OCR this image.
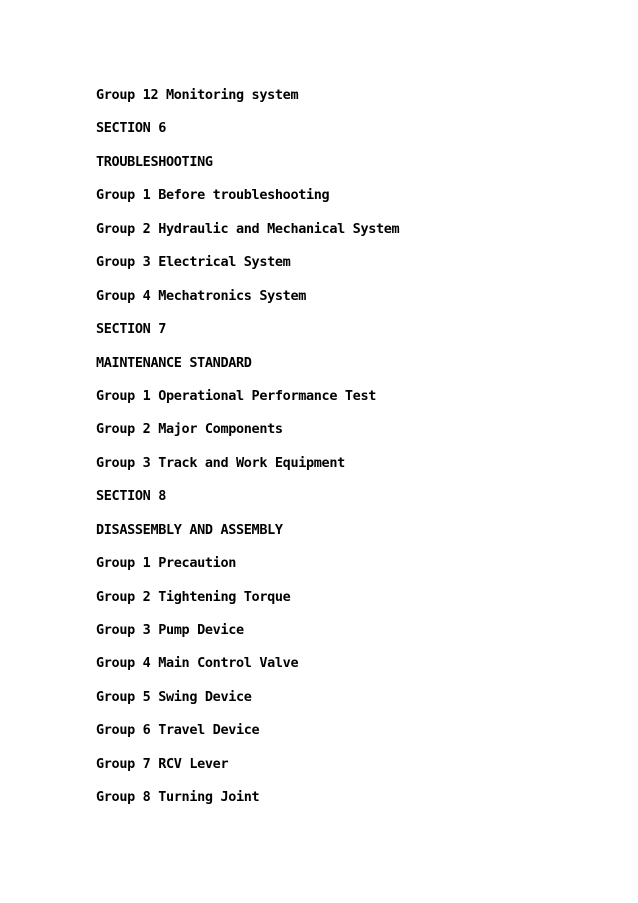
Group 12 Monitoring system
SECTION 6
TROUBLESHOOTING
Group 1 Before troubleshooting
Group 2 Hydraulic and Mechanical System
Group 3 Electrical System
Group 4 Mechatronics System
SECTION 7
MAINTENANCE STANDARD
Group 1 Operational Performance Test
Group 2 Major Components
Group 3 Track and Work Equipment
SECTION 8
DISASSEMBLY AND ASSEMBLY
Group 1 Precaution
Group 2 Tightening Torque
Group 3 Pump Device
Group 4 Main Control Valve
Group 5 Swing Device
Group 6 Travel Device
Group 7 RCV Lever
Group 8 Turning Joint
